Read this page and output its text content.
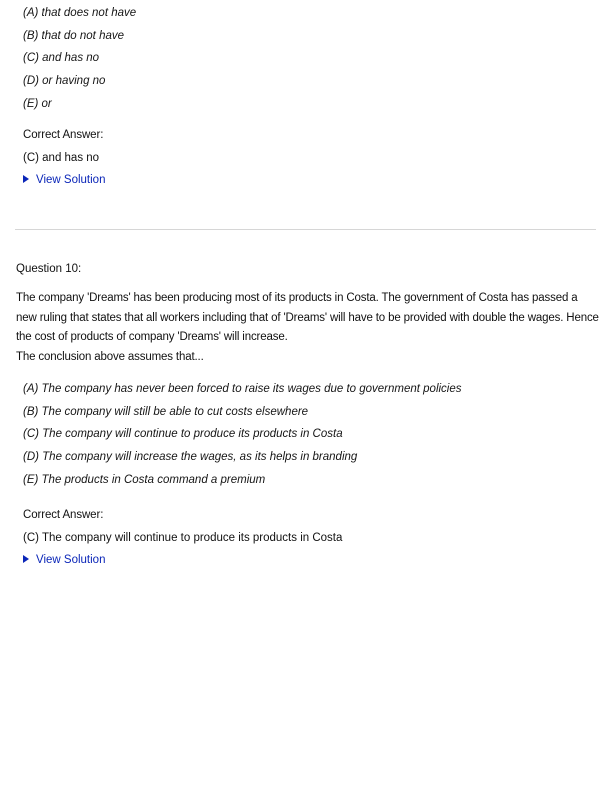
(A) that does not have
(B) that do not have
(C) and has no
(D) or having no
(E) or
Correct Answer:
(C) and has no
View Solution
Question 10:

The company 'Dreams' has been producing most of its products in Costa. The government of Costa has passed a new ruling that states that all workers including that of 'Dreams' will have to be provided with double the wages. Hence the cost of products of company 'Dreams' will increase.

The conclusion above assumes that...

(A) The company has never been forced to raise its wages due to government policies
(B) The company will still be able to cut costs elsewhere
(C) The company will continue to produce its products in Costa
(D) The company will increase the wages, as its helps in branding
(E) The products in Costa command a premium
Correct Answer:
(C) The company will continue to produce its products in Costa
View Solution
